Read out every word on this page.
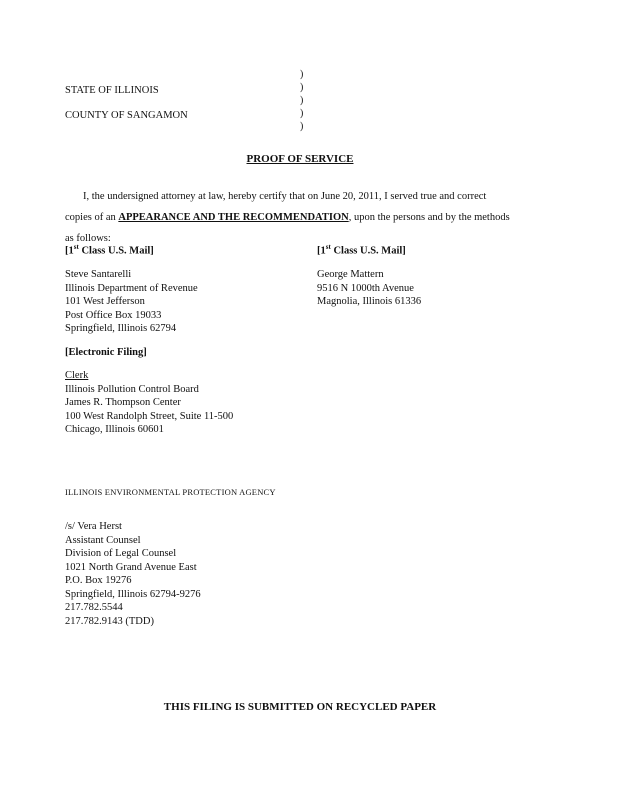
STATE OF ILLINOIS
COUNTY OF SANGAMON
)
)
)
)
)
PROOF OF SERVICE
I, the undersigned attorney at law, hereby certify that on June 20, 2011, I served true and correct
copies of an APPEARANCE AND THE RECOMMENDATION, upon the persons and by the methods
as follows:
[1st Class U.S. Mail]
Steve Santarelli
Illinois Department of Revenue
101 West Jefferson
Post Office Box 19033
Springfield, Illinois 62794
[1st Class U.S. Mail]
George Mattern
9516 N 1000th Avenue
Magnolia, Illinois 61336
[Electronic Filing]
Clerk
Illinois Pollution Control Board
James R. Thompson Center
100 West Randolph Street, Suite 11-500
Chicago, Illinois 60601
ILLINOIS ENVIRONMENTAL PROTECTION AGENCY
/s/ Vera Herst
Assistant Counsel
Division of Legal Counsel
1021 North Grand Avenue East
P.O. Box 19276
Springfield, Illinois 62794-9276
217.782.5544
217.782.9143 (TDD)
THIS FILING IS SUBMITTED ON RECYCLED PAPER
